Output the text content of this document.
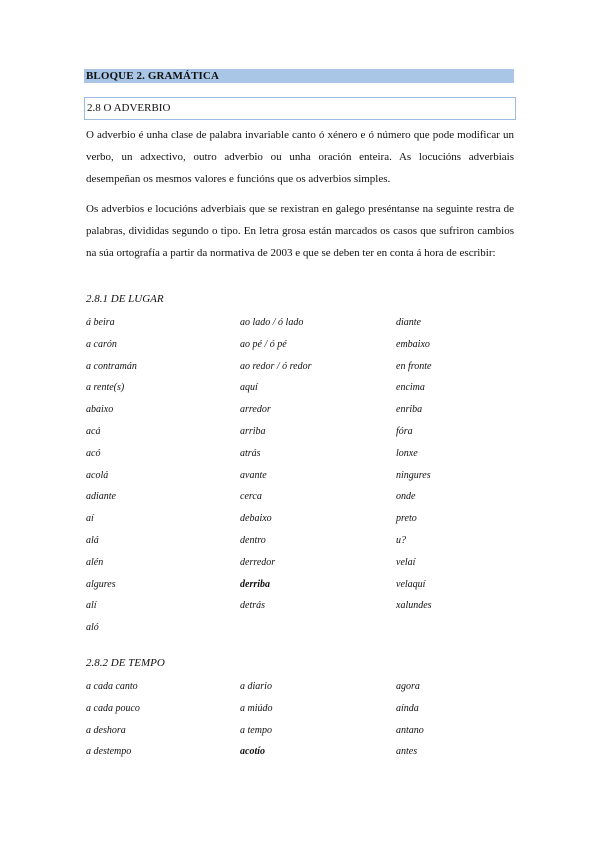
BLOQUE 2. GRAMÁTICA
2.8 O ADVERBIO

O adverbio é unha clase de palabra invariable canto ó xénero e ó número que pode modificar un verbo, un adxectivo, outro adverbio ou unha oración enteira. As locucións adverbiais desempeñan os mesmos valores e funcións que os adverbios simples.

Os adverbios e locucións adverbiais que se rexistran en galego preséntanse na seguinte restra de palabras, divididas segundo o tipo. En letra grosa están marcados os casos que sufriron cambios na súa ortografía a partir da normativa de 2003 e que se deben ter en conta á hora de escribir:

2.8.1 DE LUGAR
á beira	ao lado / ó lado	diante
a carón	ao pé / ó pé	embaixo
a contramán	ao redor / ó redor	en fronte
a rente(s)	aquí	encima
abaixo	arredor	enriba
acá	arriba	fóra
acó	atrás	lonxe
acolá	avante	ningures
adiante	cerca	onde
aí	debaixo	preto
alá	dentro	u?
alén	derredor	velaí
algures	derriba	velaquí
alí	detrás	xalundes
aló
2.8.2 DE TEMPO
a cada canto	a diario	agora
a cada pouco	a miúdo	aínda
a deshora	a tempo	antano
a destempo	acotío	antes
